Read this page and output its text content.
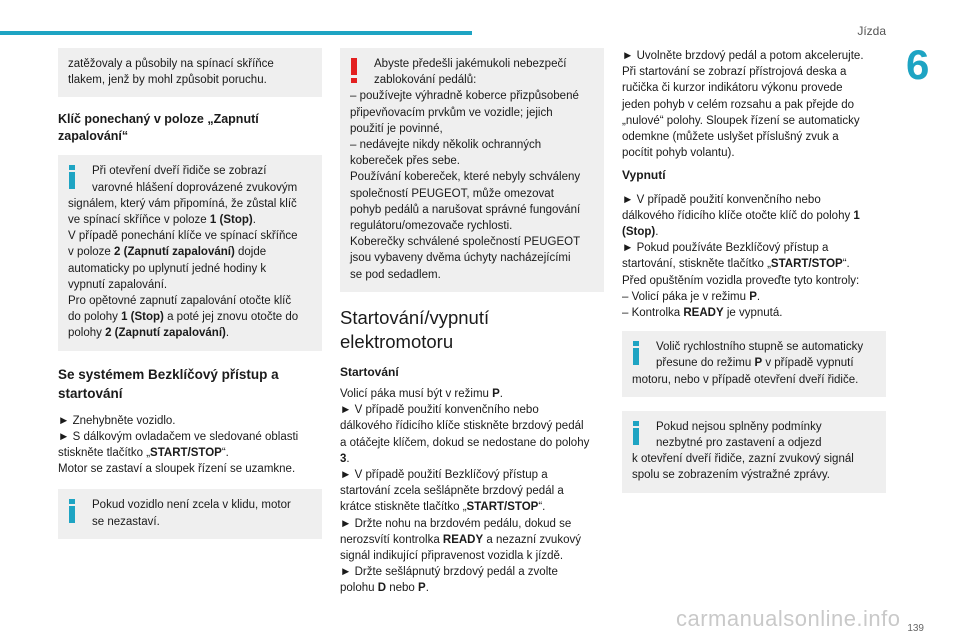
Jízda
6

zatěžovaly a působily na spínací skříňce

tlakem, jenž by mohl způsobit poruchu.

Klíč ponechaný v poloze „Zapnutí
zapalování“

Při otevření dveří řidiče se zobrazí

varovné hlášení doprovázené zvukovým

signálem, který vám připomíná, že zůstal klíč

ve spínací skříňce v poloze 1 (Stop).

V případě ponechání klíče ve spínací skříňce

v poloze 2 (Zapnutí zapalování) dojde

automaticky po uplynutí jedné hodiny k

vypnutí zapalování.

Pro opětovné zapnutí zapalování otočte klíč

do polohy 1 (Stop) a poté jej znovu otočte do

polohy 2 (Zapnutí zapalování).

Se systémem Bezklíčový přístup a
startování

► Znehybněte vozidlo.

► S dálkovým ovladačem ve sledované oblasti

stiskněte tlačítko „START/STOP“.

Motor se zastaví a sloupek řízení se uzamkne.

Pokud vozidlo není zcela v klidu, motor

se nezastaví.

Abyste předešli jakémukoli nebezpečí

zablokování pedálů:

– používejte výhradně koberce přizpůsobené

připevňovacím prvkům ve vozidle; jejich

použití je povinné,

– nedávejte nikdy několik ochranných

kobereček přes sebe.

Používání kobereček, které nebyly schváleny

společností PEUGEOT, může omezovat

pohyb pedálů a narušovat správné fungování

regulátoru/omezovače rychlosti.

Koberečky schválené společností PEUGEOT

jsou vybaveny dvěma úchyty nacházejícími

se pod sedadlem.

Startování/vypnutí
elektromotoru
Startování

Volicí páka musí být v režimu P.

► V případě použití konvenčního nebo

dálkového řídicího klíče stiskněte brzdový pedál

a otáčejte klíčem, dokud se nedostane do polohy

3.

► V případě použití Bezklíčový přístup a

startování zcela sešlápněte brzdový pedál a

krátce stiskněte tlačítko „START/STOP“.

► Držte nohu na brzdovém pedálu, dokud se

nerozsvítí kontrolka READY a nezazní zvukový

signál indikující připravenost vozidla k jízdě.

► Držte sešlápnutý brzdový pedál a zvolte

polohu D nebo P.

► Uvolněte brzdový pedál a potom akcelerujte.

Při startování se zobrazí přístrojová deska a

ručička či kurzor indikátoru výkonu provede

jeden pohyb v celém rozsahu a pak přejde do

„nulové“ polohy. Sloupek řízení se automaticky

odemkne (můžete uslyšet příslušný zvuk a

pocítit pohyb volantu).

Vypnutí

► V případě použití konvenčního nebo

dálkového řídicího klíče otočte klíč do polohy 1

(Stop).

► Pokud používáte Bezklíčový přístup a

startování, stiskněte tlačítko „START/STOP“.

Před opuštěním vozidla proveďte tyto kontroly:

– Volicí páka je v režimu P.

– Kontrolka READY je vypnutá.

Volič rychlostního stupně se automaticky

přesune do režimu P v případě vypnutí

motoru, nebo v případě otevření dveří řidiče.

Pokud nejsou splněny podmínky

nezbytné pro zastavení a odjezd

k otevření dveří řidiče, zazní zvukový signál

spolu se zobrazením výstražné zprávy.

carmanualsonline.info 139
